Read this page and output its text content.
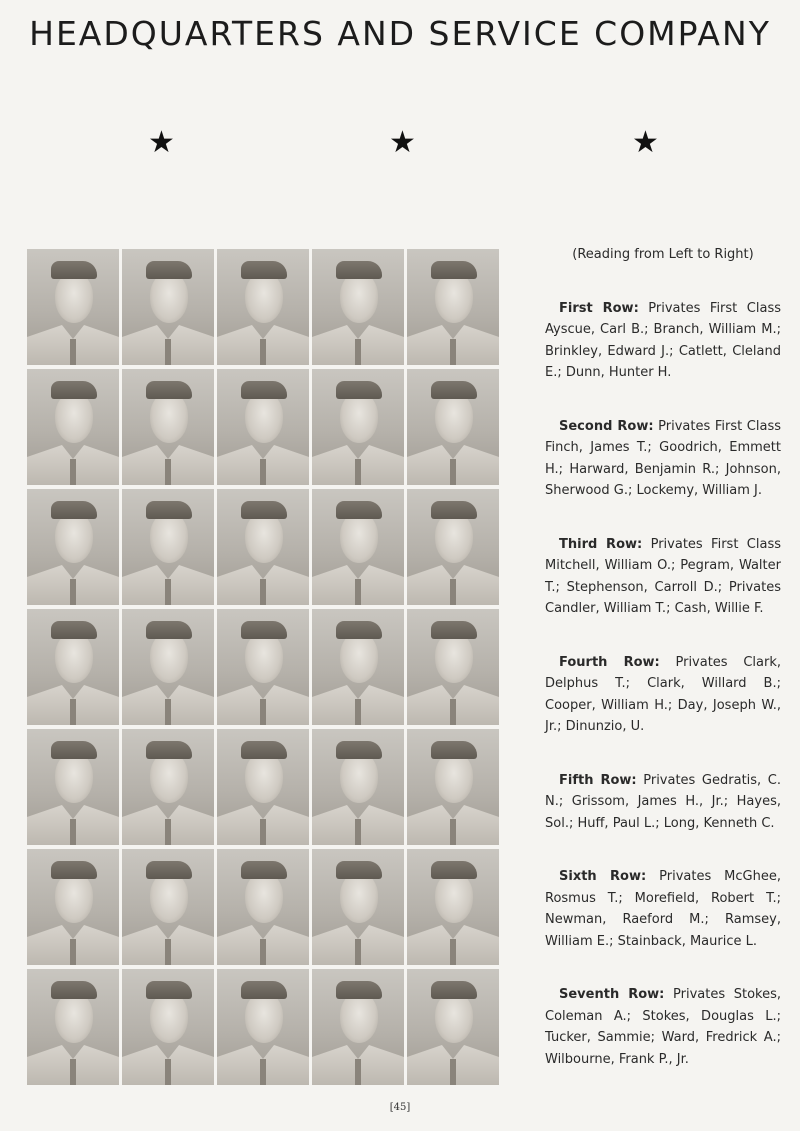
HEADQUARTERS AND SERVICE COMPANY
★	★	★
(Reading from Left to Right)
First Row: Privates First Class Ayscue, Carl B.; Branch, William M.; Brinkley, Edward J.; Catlett, Cleland E.; Dunn, Hunter H.
Second Row: Privates First Class Finch, James T.; Goodrich, Emmett H.; Harward, Benjamin R.; Johnson, Sherwood G.; Lockemy, William J.
Third Row: Privates First Class Mitchell, William O.; Pegram, Walter T.; Stephenson, Carroll D.; Privates Candler, William T.; Cash, Willie F.
Fourth Row: Privates Clark, Delphus T.; Clark, Willard B.; Cooper, William H.; Day, Joseph W., Jr.; Dinunzio, U.
Fifth Row: Privates Gedratis, C. N.; Grissom, James H., Jr.; Hayes, Sol.; Huff, Paul L.; Long, Kenneth C.
Sixth Row: Privates McGhee, Rosmus T.; Morefield, Robert T.; Newman, Raeford M.; Ramsey, William E.; Stainback, Maurice L.
Seventh Row: Privates Stokes, Coleman A.; Stokes, Douglas L.; Tucker, Sammie; Ward, Fredrick A.; Wilbourne, Frank P., Jr.
[45]
